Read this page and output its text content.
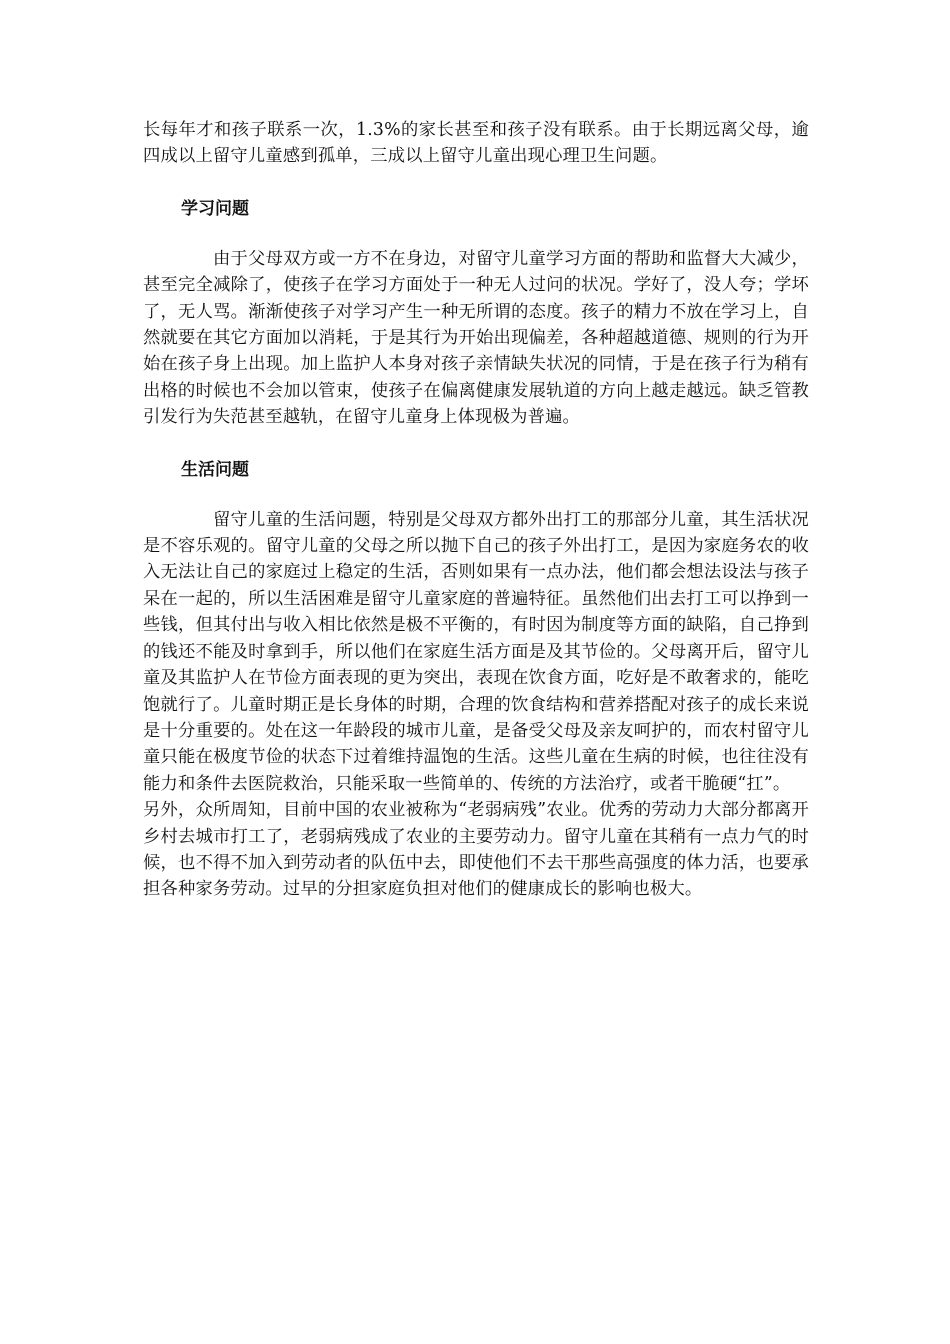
长每年才和孩子联系一次，1.3%的家长甚至和孩子没有联系。由于长期远离父母，逾四成以上留守儿童感到孤单，三成以上留守儿童出现心理卫生问题。

学习问题

由于父母双方或一方不在身边，对留守儿童学习方面的帮助和监督大大减少，甚至完全减除了，使孩子在学习方面处于一种无人过问的状况。学好了，没人夸；学坏了，无人骂。渐渐使孩子对学习产生一种无所谓的态度。孩子的精力不放在学习上，自然就要在其它方面加以消耗，于是其行为开始出现偏差，各种超越道德、规则的行为开始在孩子身上出现。加上监护人本身对孩子亲情缺失状况的同情，于是在孩子行为稍有出格的时候也不会加以管束，使孩子在偏离健康发展轨道的方向上越走越远。缺乏管教引发行为失范甚至越轨，在留守儿童身上体现极为普遍。

生活问题

留守儿童的生活问题，特别是父母双方都外出打工的那部分儿童，其生活状况是不容乐观的。留守儿童的父母之所以抛下自己的孩子外出打工，是因为家庭务农的收入无法让自己的家庭过上稳定的生活，否则如果有一点办法，他们都会想法设法与孩子呆在一起的，所以生活困难是留守儿童家庭的普遍特征。虽然他们出去打工可以挣到一些钱，但其付出与收入相比依然是极不平衡的，有时因为制度等方面的缺陷，自己挣到的钱还不能及时拿到手，所以他们在家庭生活方面是及其节俭的。父母离开后，留守儿童及其监护人在节俭方面表现的更为突出，表现在饮食方面，吃好是不敢奢求的，能吃饱就行了。儿童时期正是长身体的时期，合理的饮食结构和营养搭配对孩子的成长来说是十分重要的。处在这一年龄段的城市儿童，是备受父母及亲友呵护的，而农村留守儿童只能在极度节俭的状态下过着维持温饱的生活。这些儿童在生病的时候，也往往没有能力和条件去医院救治，只能采取一些简单的、传统的方法治疗，或者干脆硬“扛”。

另外，众所周知，目前中国的农业被称为“老弱病残”农业。优秀的劳动力大部分都离开乡村去城市打工了，老弱病残成了农业的主要劳动力。留守儿童在其稍有一点力气的时候，也不得不加入到劳动者的队伍中去，即使他们不去干那些高强度的体力活，也要承担各种家务劳动。过早的分担家庭负担对他们的健康成长的影响也极大。
